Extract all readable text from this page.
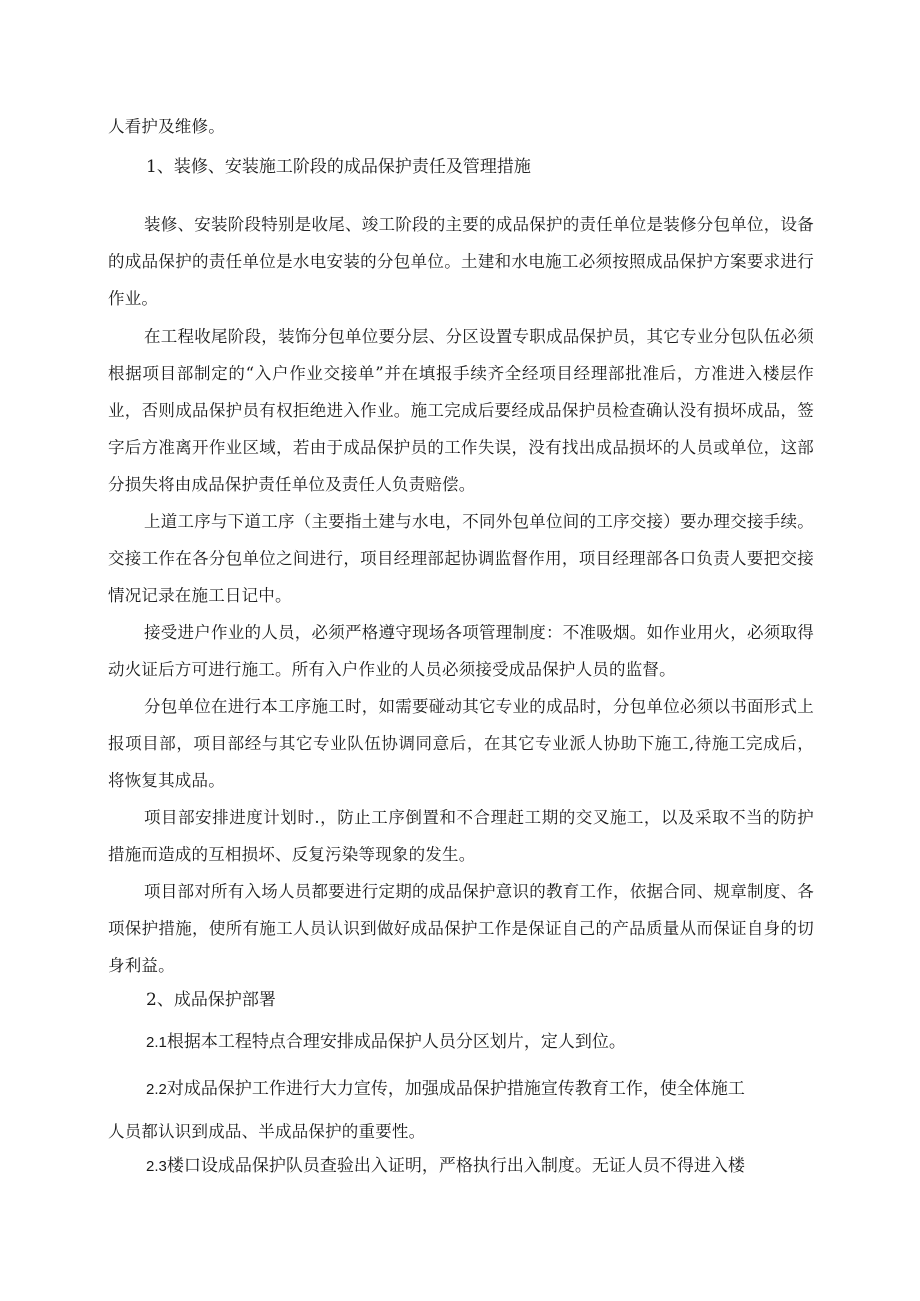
人看护及维修。

1、装修、安装施工阶段的成品保护责任及管理措施

装修、安装阶段特别是收尾、竣工阶段的主要的成品保护的责任单位是装修分包单位，设备的成品保护的责任单位是水电安装的分包单位。土建和水电施工必须按照成品保护方案要求进行作业。

在工程收尾阶段，装饰分包单位要分层、分区设置专职成品保护员，其它专业分包队伍必须根据项目部制定的“入户作业交接单”并在填报手续齐全经项目经理部批准后，方准进入楼层作业，否则成品保护员有权拒绝进入作业。施工完成后要经成品保护员检查确认没有损坏成品，签字后方准离开作业区域，若由于成品保护员的工作失误，没有找出成品损坏的人员或单位，这部分损失将由成品保护责任单位及责任人负责赔偿。

上道工序与下道工序（主要指土建与水电，不同外包单位间的工序交接）要办理交接手续。交接工作在各分包单位之间进行，项目经理部起协调监督作用，项目经理部各口负责人要把交接情况记录在施工日记中。

接受进户作业的人员，必须严格遵守现场各项管理制度：不准吸烟。如作业用火，必须取得动火证后方可进行施工。所有入户作业的人员必须接受成品保护人员的监督。

分包单位在进行本工序施工时，如需要碰动其它专业的成品时，分包单位必须以书面形式上报项目部，项目部经与其它专业队伍协调同意后，在其它专业派人协助下施工,待施工完成后，将恢复其成品。

项目部安排进度计划时.，防止工序倒置和不合理赶工期的交叉施工，以及采取不当的防护措施而造成的互相损坏、反复污染等现象的发生。

项目部对所有入场人员都要进行定期的成品保护意识的教育工作，依据合同、规章制度、各项保护措施，使所有施工人员认识到做好成品保护工作是保证自己的产品质量从而保证自身的切身利益。

2、成品保护部署

2.1根据本工程特点合理安排成品保护人员分区划片，定人到位。

2.2对成品保护工作进行大力宣传，加强成品保护措施宣传教育工作，使全体施工

人员都认识到成品、半成品保护的重要性。

2.3楼口设成品保护队员查验出入证明，严格执行出入制度。无证人员不得进入楼
